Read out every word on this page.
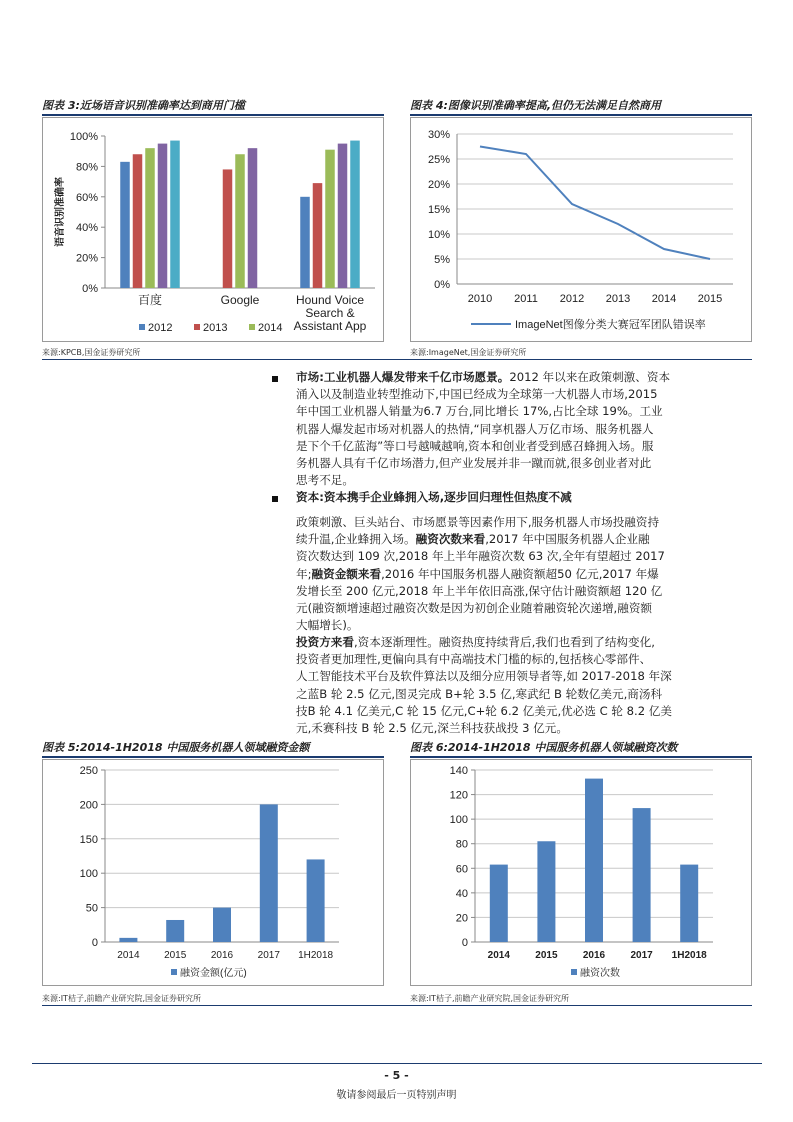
图表 3:近场语音识别准确率达到商用门槛
0%
20%
40%
60%
80%
100%
百度	Google	Hound Voice
Search &
Assistant App
语音识别准确率
2012	2013	2014
来源:KPCB,国金证券研究所
图表 4:图像识别准确率提高,但仍无法满足自然商用
0%
5%
10%
15%
20%
25%
30%
2010 2011 2012 2013 2014 2015
ImageNet图像分类大赛冠军团队错误率
来源:ImageNet,国金证券研究所
市场:工业机器人爆发带来千亿市场愿景。2012 年以来在政策刺激、资本
涌入以及制造业转型推动下,中国已经成为全球第一大机器人市场,2015
年中国工业机器人销量为6.7 万台,同比增长 17%,占比全球 19%。工业
机器人爆发起市场对机器人的热情,“同享机器人万亿市场、服务机器人
是下个千亿蓝海”等口号越喊越响,资本和创业者受到感召蜂拥入场。服
务机器人具有千亿市场潜力,但产业发展并非一蹴而就,很多创业者对此
思考不足。
资本:资本携手企业蜂拥入场,逐步回归理性但热度不减
政策刺激、巨头站台、市场愿景等因素作用下,服务机器人市场投融资持
续升温,企业蜂拥入场。融资次数来看,2017 年中国服务机器人企业融
资次数达到 109 次,2018 年上半年融资次数 63 次,全年有望超过 2017
年;融资金额来看,2016 年中国服务机器人融资额超50 亿元,2017 年爆
发增长至 200 亿元,2018 年上半年依旧高涨,保守估计融资额超 120 亿
元(融资额增速超过融资次数是因为初创企业随着融资轮次递增,融资额
大幅增长)。
投资方来看,资本逐渐理性。融资热度持续背后,我们也看到了结构变化,
投资者更加理性,更偏向具有中高端技术门槛的标的,包括核心零部件、
人工智能技术平台及软件算法以及细分应用领导者等,如 2017-2018 年深
之蓝B 轮 2.5 亿元,图灵完成 B+轮 3.5 亿,寒武纪 B 轮数亿美元,商汤科
技B 轮 4.1 亿美元,C 轮 15 亿元,C+轮 6.2 亿美元,优必选 C 轮 8.2 亿美
元,禾赛科技 B 轮 2.5 亿元,深兰科技获战投 3 亿元。
图表 5:2014-1H2018 中国服务机器人领域融资金额
0
50
100
150
200
250
2014 2015 2016 2017 1H2018
融资金额(亿元)
来源:IT桔子,前瞻产业研究院,国金证券研究所
图表 6:2014-1H2018 中国服务机器人领域融资次数
0
20
40
60
80
100
120
140
2014	2015	2016	2017 1H2018
融资次数
来源:IT桔子,前瞻产业研究院,国金证券研究所
- 5 -
敬请参阅最后一页特别声明
